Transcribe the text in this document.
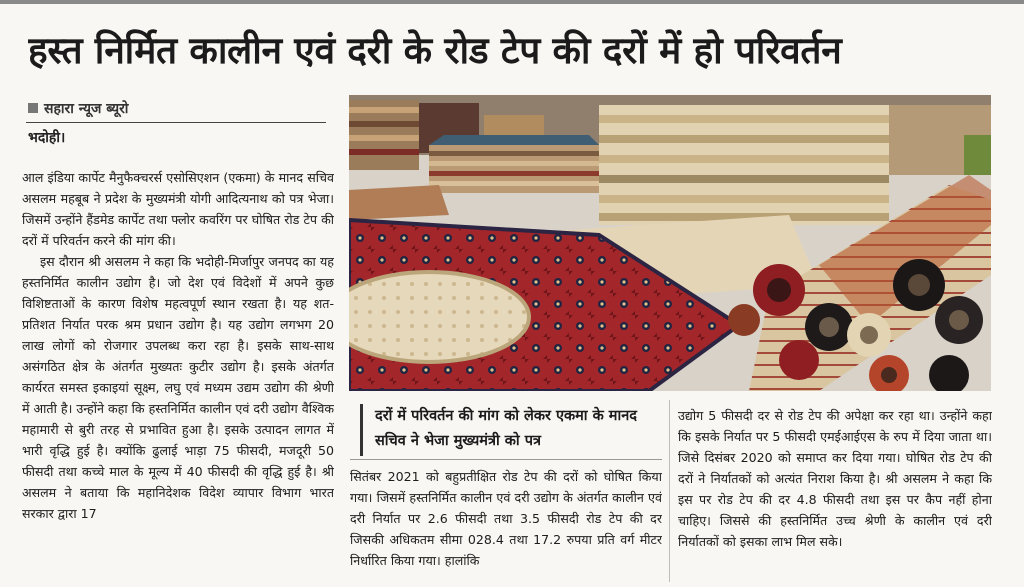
हस्त निर्मित कालीन एवं दरी के रोड टेप की दरों में हो परिवर्तन
सहारा न्यूज ब्यूरो
भदोही।

आल इंडिया कार्पेट मैनुफैक्चरर्स एसोसिएशन (एकमा) के मानद सचिव असलम महबूब ने प्रदेश के मुख्यमंत्री योगी आदित्यनाथ को पत्र भेजा। जिसमें उन्होंने हैंडमेड कार्पेट तथा फ्लोर कवरिंग पर घोषित रोड टेप की दरों में परिवर्तन करने की मांग की।

इस दौरान श्री असलम ने कहा कि भदोही-मिर्जापुर जनपद का यह हस्तनिर्मित कालीन उद्योग है। जो देश एवं विदेशों में अपने कुछ विशिष्टताओं के कारण विशेष महत्वपूर्ण स्थान रखता है। यह शत-प्रतिशत निर्यात परक श्रम प्रधान उद्योग है। यह उद्योग लगभग 20 लाख लोगों को रोजगार उपलब्ध करा रहा है। इसके साथ-साथ असंगठित क्षेत्र के अंतर्गत मुख्यतः कुटीर उद्योग है। इसके अंतर्गत कार्यरत समस्त इकाइयां सूक्ष्म, लघु एवं मध्यम उद्यम उद्योग की श्रेणी में आती है। उन्होंने कहा कि हस्तनिर्मित कालीन एवं दरी उद्योग वैश्विक महामारी से बुरी तरह से प्रभावित हुआ है। इसके उत्पादन लागत में भारी वृद्धि हुई है। क्योंकि ढुलाई भाड़ा 75 फीसदी, मजदूरी 50 फीसदी तथा कच्चे माल के मूल्य में 40 फीसदी की वृद्धि हुई है। श्री असलम ने बताया कि महानिदेशक विदेश व्यापार विभाग भारत सरकार द्वारा 17

दरों में परिवर्तन की मांग को लेकर एकमा के मानद सचिव ने भेजा मुख्यमंत्री को पत्र

सितंबर 2021 को बहुप्रतीक्षित रोड टेप की दरों को घोषित किया गया। जिसमें हस्तनिर्मित कालीन एवं दरी उद्योग के अंतर्गत कालीन एवं दरी निर्यात पर 2.6 फीसदी तथा 3.5 फीसदी रोड टेप की दर जिसकी अधिकतम सीमा 028.4 तथा 17.2 रुपया प्रति वर्ग मीटर निर्धारित किया गया। हालांकि

उद्योग 5 फीसदी दर से रोड टेप की अपेक्षा कर रहा था। उन्होंने कहा कि इसके निर्यात पर 5 फीसदी एमईआईएस के रुप में दिया जाता था। जिसे दिसंबर 2020 को समाप्त कर दिया गया। घोषित रोड टेप की दरों ने निर्यातकों को अत्यंत निराश किया है। श्री असलम ने कहा कि इस पर रोड टेप की दर 4.8 फीसदी तथा इस पर कैप नहीं होना चाहिए। जिससे की हस्तनिर्मित उच्च श्रेणी के कालीन एवं दरी निर्यातकों को इसका लाभ मिल सके।
